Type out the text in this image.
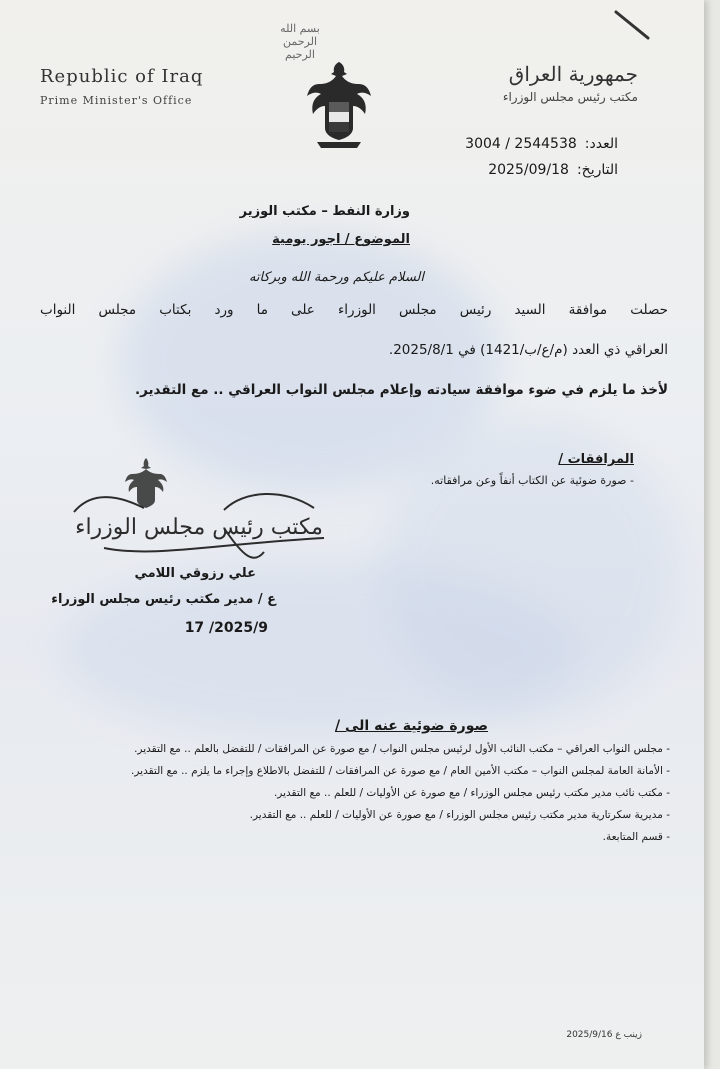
بسم الله الرحمن الرحيم
Republic of Iraq
Prime Minister's Office
جمهورية العراق
مكتب رئيس مجلس الوزراء
العدد:3004 / 2544538
التاريخ:2025/09/18
وزارة النفط – مكتب الوزير
الموضوع / اجور يومية
السلام عليكم ورحمة الله وبركاته
حصلت موافقة السيد رئيس مجلس الوزراء على ما ورد بكتاب مجلس النواب
العراقي ذي العدد (م/ع/ب/1421) في 2025/8/1.
لأخذ ما يلزم في ضوء موافقة سيادته وإعلام مجلس النواب العراقي .. مع التقدير.
المرافقات /
- صورة ضوئية عن الكتاب أنفاً وعن مرافقاته.
مكتب رئيس مجلس الوزراء
علي رزوقي اللامي
ع / مدير مكتب رئيس مجلس الوزراء
2025/9/ 17
صورة ضوئية عنه الى /
- مجلس النواب العراقي – مكتب النائب الأول لرئيس مجلس النواب / مع صورة عن المرافقات / للتفضل بالعلم .. مع التقدير.
- الأمانة العامة لمجلس النواب – مكتب الأمين العام / مع صورة عن المرافقات / للتفضل بالاطلاع وإجراء ما يلزم .. مع التقدير.
- مكتب نائب مدير مكتب رئيس مجلس الوزراء / مع صورة عن الأوليات / للعلم .. مع التقدير.
- مديرية سكرتارية مدير مكتب رئيس مجلس الوزراء / مع صورة عن الأوليات / للعلم .. مع التقدير.
- قسم المتابعة.
زينب ع 2025/9/16
